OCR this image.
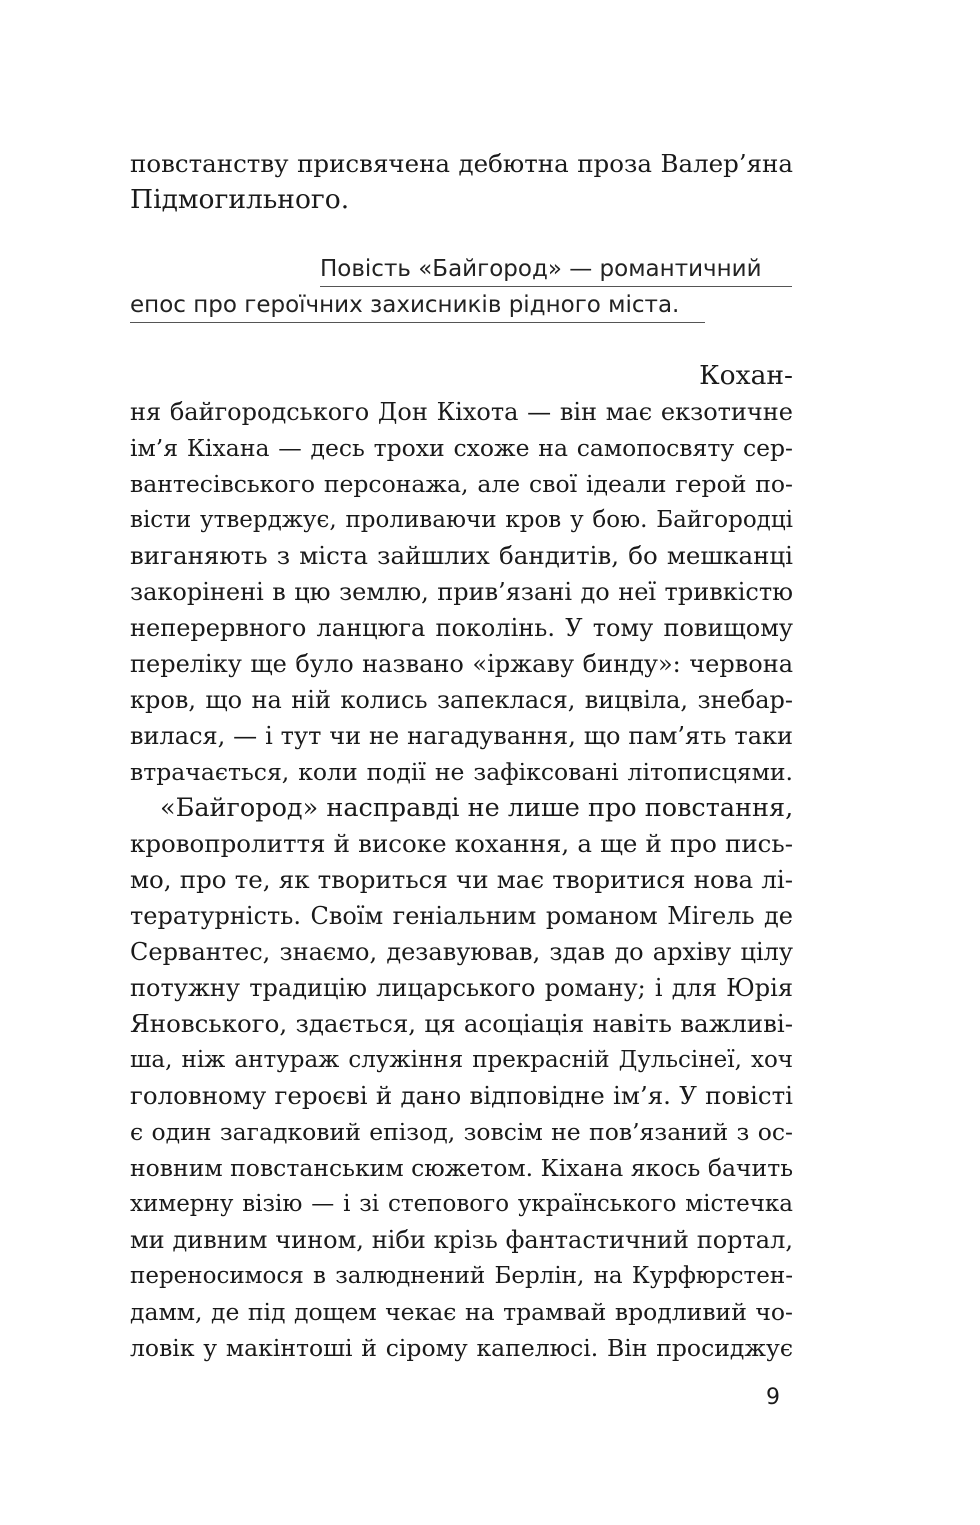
повстанству присвячена дебютна проза Валер’яна
Підмогильного.
Повість «Байгород» — романтичний
епос про героїчних захисників рідного міста.
Кохан-
ня байгородського Дон Кіхота — він має екзотичне
ім’я Кіхана — десь трохи схоже на самопосвяту сер-
вантесівського персонажа, але свої ідеали герой по-
вісти утверджує, проливаючи кров у бою. Байгородці
виганяють з міста зайшлих бандитів, бо мешканці
закорінені в цю землю, прив’язані до неї тривкістю
неперервного ланцюга поколінь. У тому повищому
переліку ще було названо «іржаву бинду»: червона
кров, що на ній колись запеклася, вицвіла, знебар-
вилася, — і тут чи не нагадування, що пам’ять таки
втрачається, коли події не зафіксовані літописцями.
«Байгород» насправді не лише про повстання,
кровопролиття й високе кохання, а ще й про пись-
мо, про те, як твориться чи має творитися нова лі-
тературність. Своїм геніальним романом Мігель де
Сервантес, знаємо, дезавуював, здав до архіву цілу
потужну традицію лицарського роману; і для Юрія
Яновського, здається, ця асоціація навіть важливі-
ша, ніж антураж служіння прекрасній Дульсінеї, хоч
головному героєві й дано відповідне ім’я. У повісті
є один загадковий епізод, зовсім не пов’язаний з ос-
новним повстанським сюжетом. Кіхана якось бачить
химерну візію — і зі степового українського містечка
ми дивним чином, ніби крізь фантастичний портал,
переносимося в залюднений Берлін, на Курфюрстен-
дамм, де під дощем чекає на трамвай вродливий чо-
ловік у макінтоші й сірому капелюсі. Він просиджує
9
